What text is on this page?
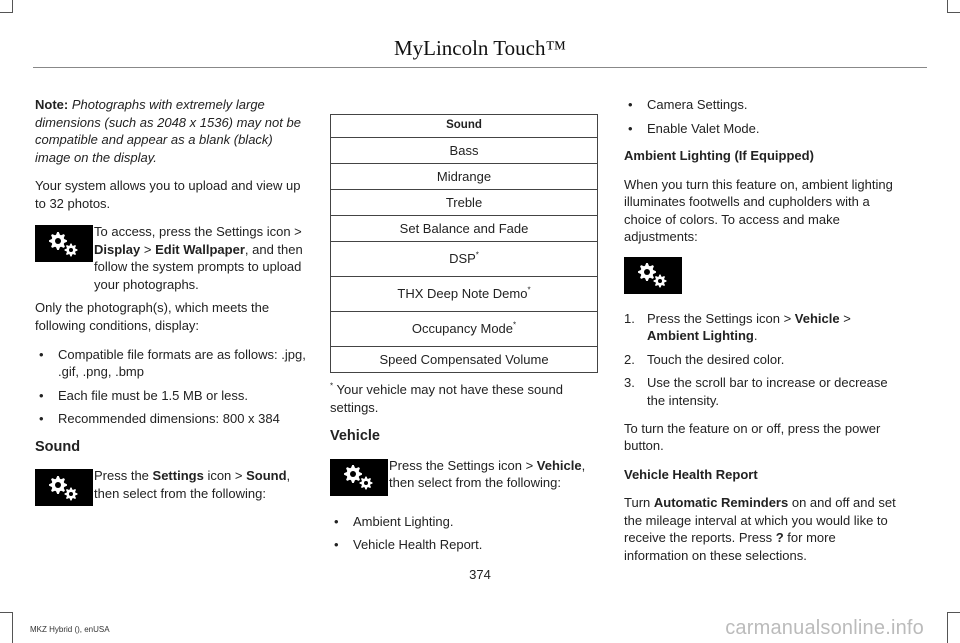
MyLincoln Touch™

Note: Photographs with extremely large dimensions (such as 2048 x 1536) may not be compatible and appear as a blank (black) image on the display.

Your system allows you to upload and view up to 32 photos.

To access, press the Settings icon > Display > Edit Wallpaper, and then follow the system prompts to upload your photographs.

Only the photograph(s), which meets the following conditions, display:

• Compatible file formats are as follows: .jpg, .gif, .png, .bmp
• Each file must be 1.5 MB or less.
• Recommended dimensions: 800 x 384
Sound
Press the Settings icon > Sound, then select from the following:
Sound
Bass
Midrange
Treble
Set Balance and Fade
DSP*
THX Deep Note Demo*
Occupancy Mode*
Speed Compensated Volume

* Your vehicle may not have these sound settings.

Vehicle
Press the Settings icon > Vehicle, then select from the following:
• Ambient Lighting.
• Vehicle Health Report.
• Camera Settings.
• Enable Valet Mode.
Ambient Lighting (If Equipped)

When you turn this feature on, ambient lighting illuminates footwells and cupholders with a choice of colors. To access and make adjustments:

1. Press the Settings icon > Vehicle > Ambient Lighting.
2. Touch the desired color.
3. Use the scroll bar to increase or decrease the intensity.

To turn the feature on or off, press the power button.

Vehicle Health Report

Turn Automatic Reminders on and off and set the mileage interval at which you would like to receive the reports. Press ? for more information on these selections.

374
MKZ Hybrid (), enUSA	carmanualsonline.info
